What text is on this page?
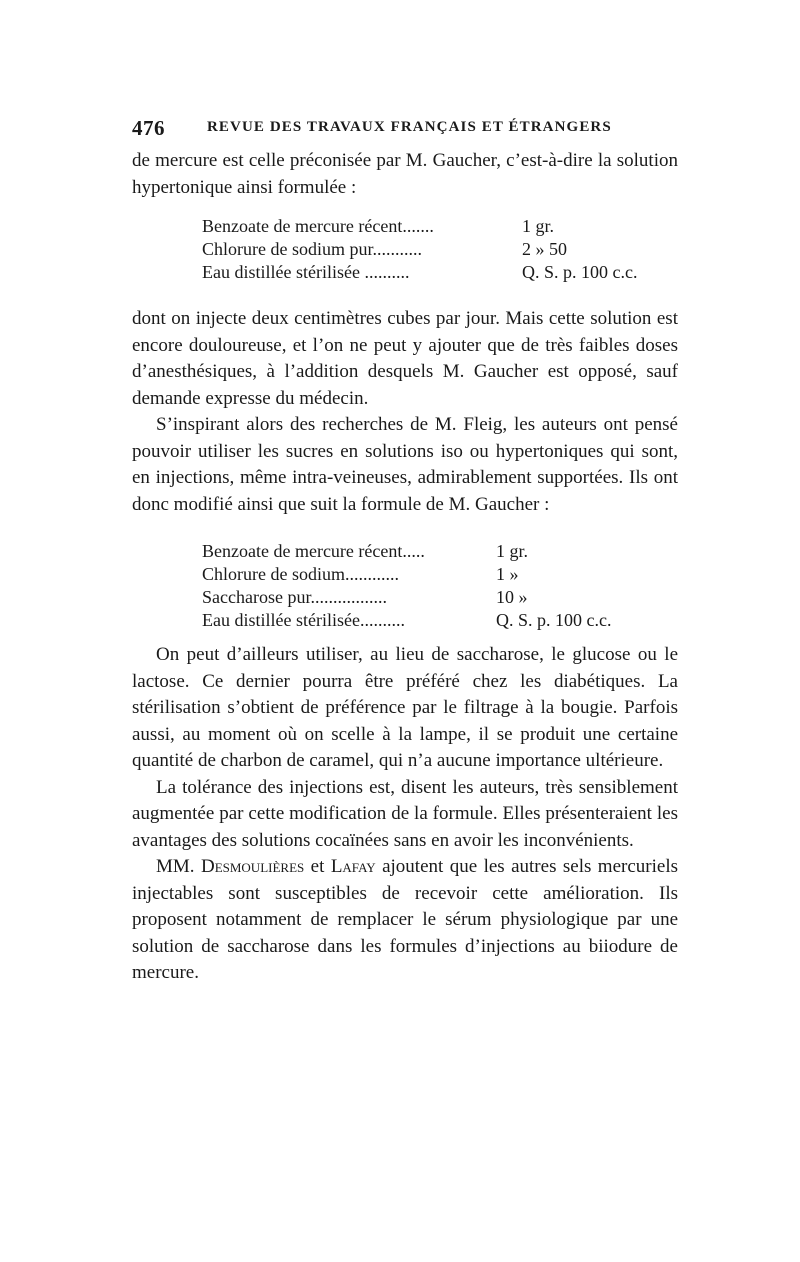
476	REVUE DES TRAVAUX FRANÇAIS ET ÉTRANGERS

de mercure est celle préconisée par M. Gaucher, c’est-à-dire la solution hypertonique ainsi formulée :

Benzoate de mercure récent.......	1 gr.
Chlorure de sodium pur...........	2 » 50
Eau distillée stérilisée ..........	Q. S. p. 100 c.c.

dont on injecte deux centimètres cubes par jour. Mais cette solution est encore douloureuse, et l’on ne peut y ajouter que de très faibles doses d’anesthésiques, à l’addition desquels M. Gaucher est opposé, sauf demande expresse du médecin.

S’inspirant alors des recherches de M. Fleig, les auteurs ont pensé pouvoir utiliser les sucres en solutions iso ou hypertoniques qui sont, en injections, même intra-veineuses, admirablement supportées. Ils ont donc modifié ainsi que suit la formule de M. Gaucher :

Benzoate de mercure récent.....	1 gr.
Chlorure de sodium............	1 »
Saccharose pur.................	10 »
Eau distillée stérilisée..........	Q. S. p. 100 c.c.

On peut d’ailleurs utiliser, au lieu de saccharose, le glucose ou le lactose. Ce dernier pourra être préféré chez les diabétiques. La stérilisation s’obtient de préférence par le filtrage à la bougie. Parfois aussi, au moment où on scelle à la lampe, il se produit une certaine quantité de charbon de caramel, qui n’a aucune importance ultérieure.

La tolérance des injections est, disent les auteurs, très sensiblement augmentée par cette modification de la formule. Elles présenteraient les avantages des solutions cocaïnées sans en avoir les inconvénients.

MM. Desmoulières et Lafay ajoutent que les autres sels mercuriels injectables sont susceptibles de recevoir cette amélioration. Ils proposent notamment de remplacer le sérum physiologique par une solution de saccharose dans les formules d’injections au biiodure de mercure.
